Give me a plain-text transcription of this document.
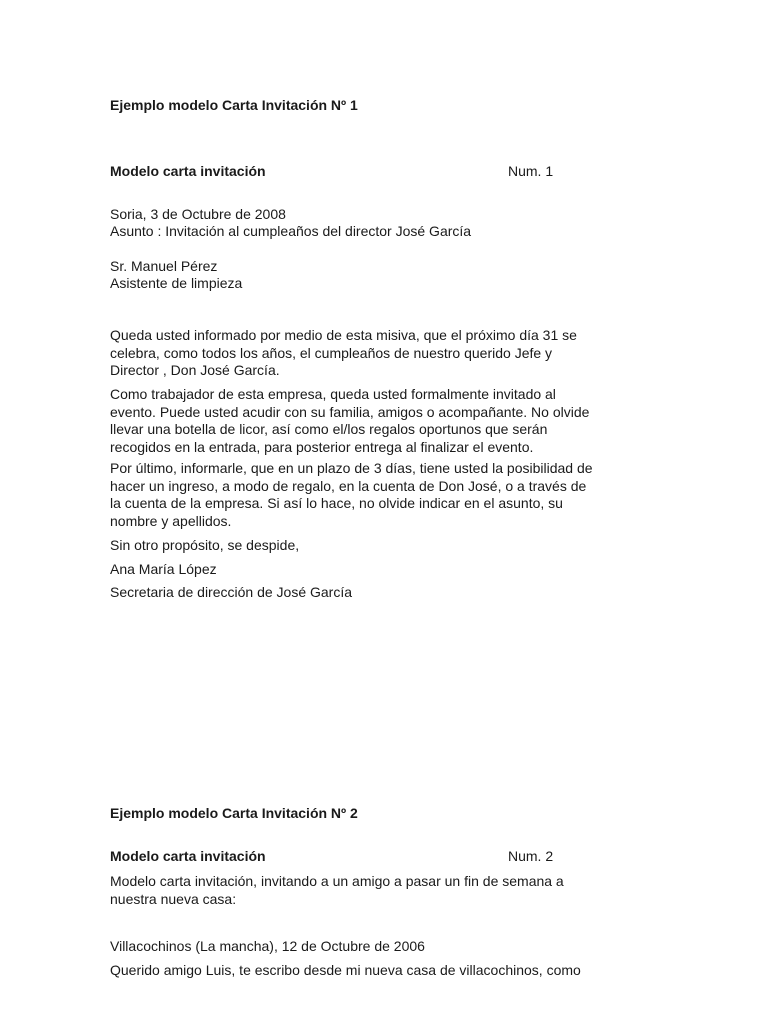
Ejemplo modelo Carta Invitación Nº 1
Modelo carta invitación	Num. 1
Soria, 3 de Octubre de 2008
Asunto : Invitación al cumpleaños del director José García
Sr. Manuel Pérez
Asistente de limpieza
Queda usted informado por medio de esta misiva, que el próximo día 31 se
celebra, como todos los años, el cumpleaños de nuestro querido Jefe y
Director , Don José García.
Como trabajador de esta empresa, queda usted formalmente invitado al
evento. Puede usted acudir con su familia, amigos o acompañante. No olvide
llevar una botella de licor, así como el/los regalos oportunos que serán
recogidos en la entrada, para posterior entrega al finalizar el evento.
Por último, informarle, que en un plazo de 3 días, tiene usted la posibilidad de
hacer un ingreso, a modo de regalo, en la cuenta de Don José, o a través de
la cuenta de la empresa. Si así lo hace, no olvide indicar en el asunto, su
nombre y apellidos.
Sin otro propósito, se despide,
Ana María López
Secretaria de dirección de José García
Ejemplo modelo Carta Invitación Nº 2
Modelo carta invitación	Num. 2
Modelo carta invitación, invitando a un amigo a pasar un fin de semana a
nuestra nueva casa:
Villacochinos (La mancha), 12 de Octubre de 2006
Querido amigo Luis, te escribo desde mi nueva casa de villacochinos, como
